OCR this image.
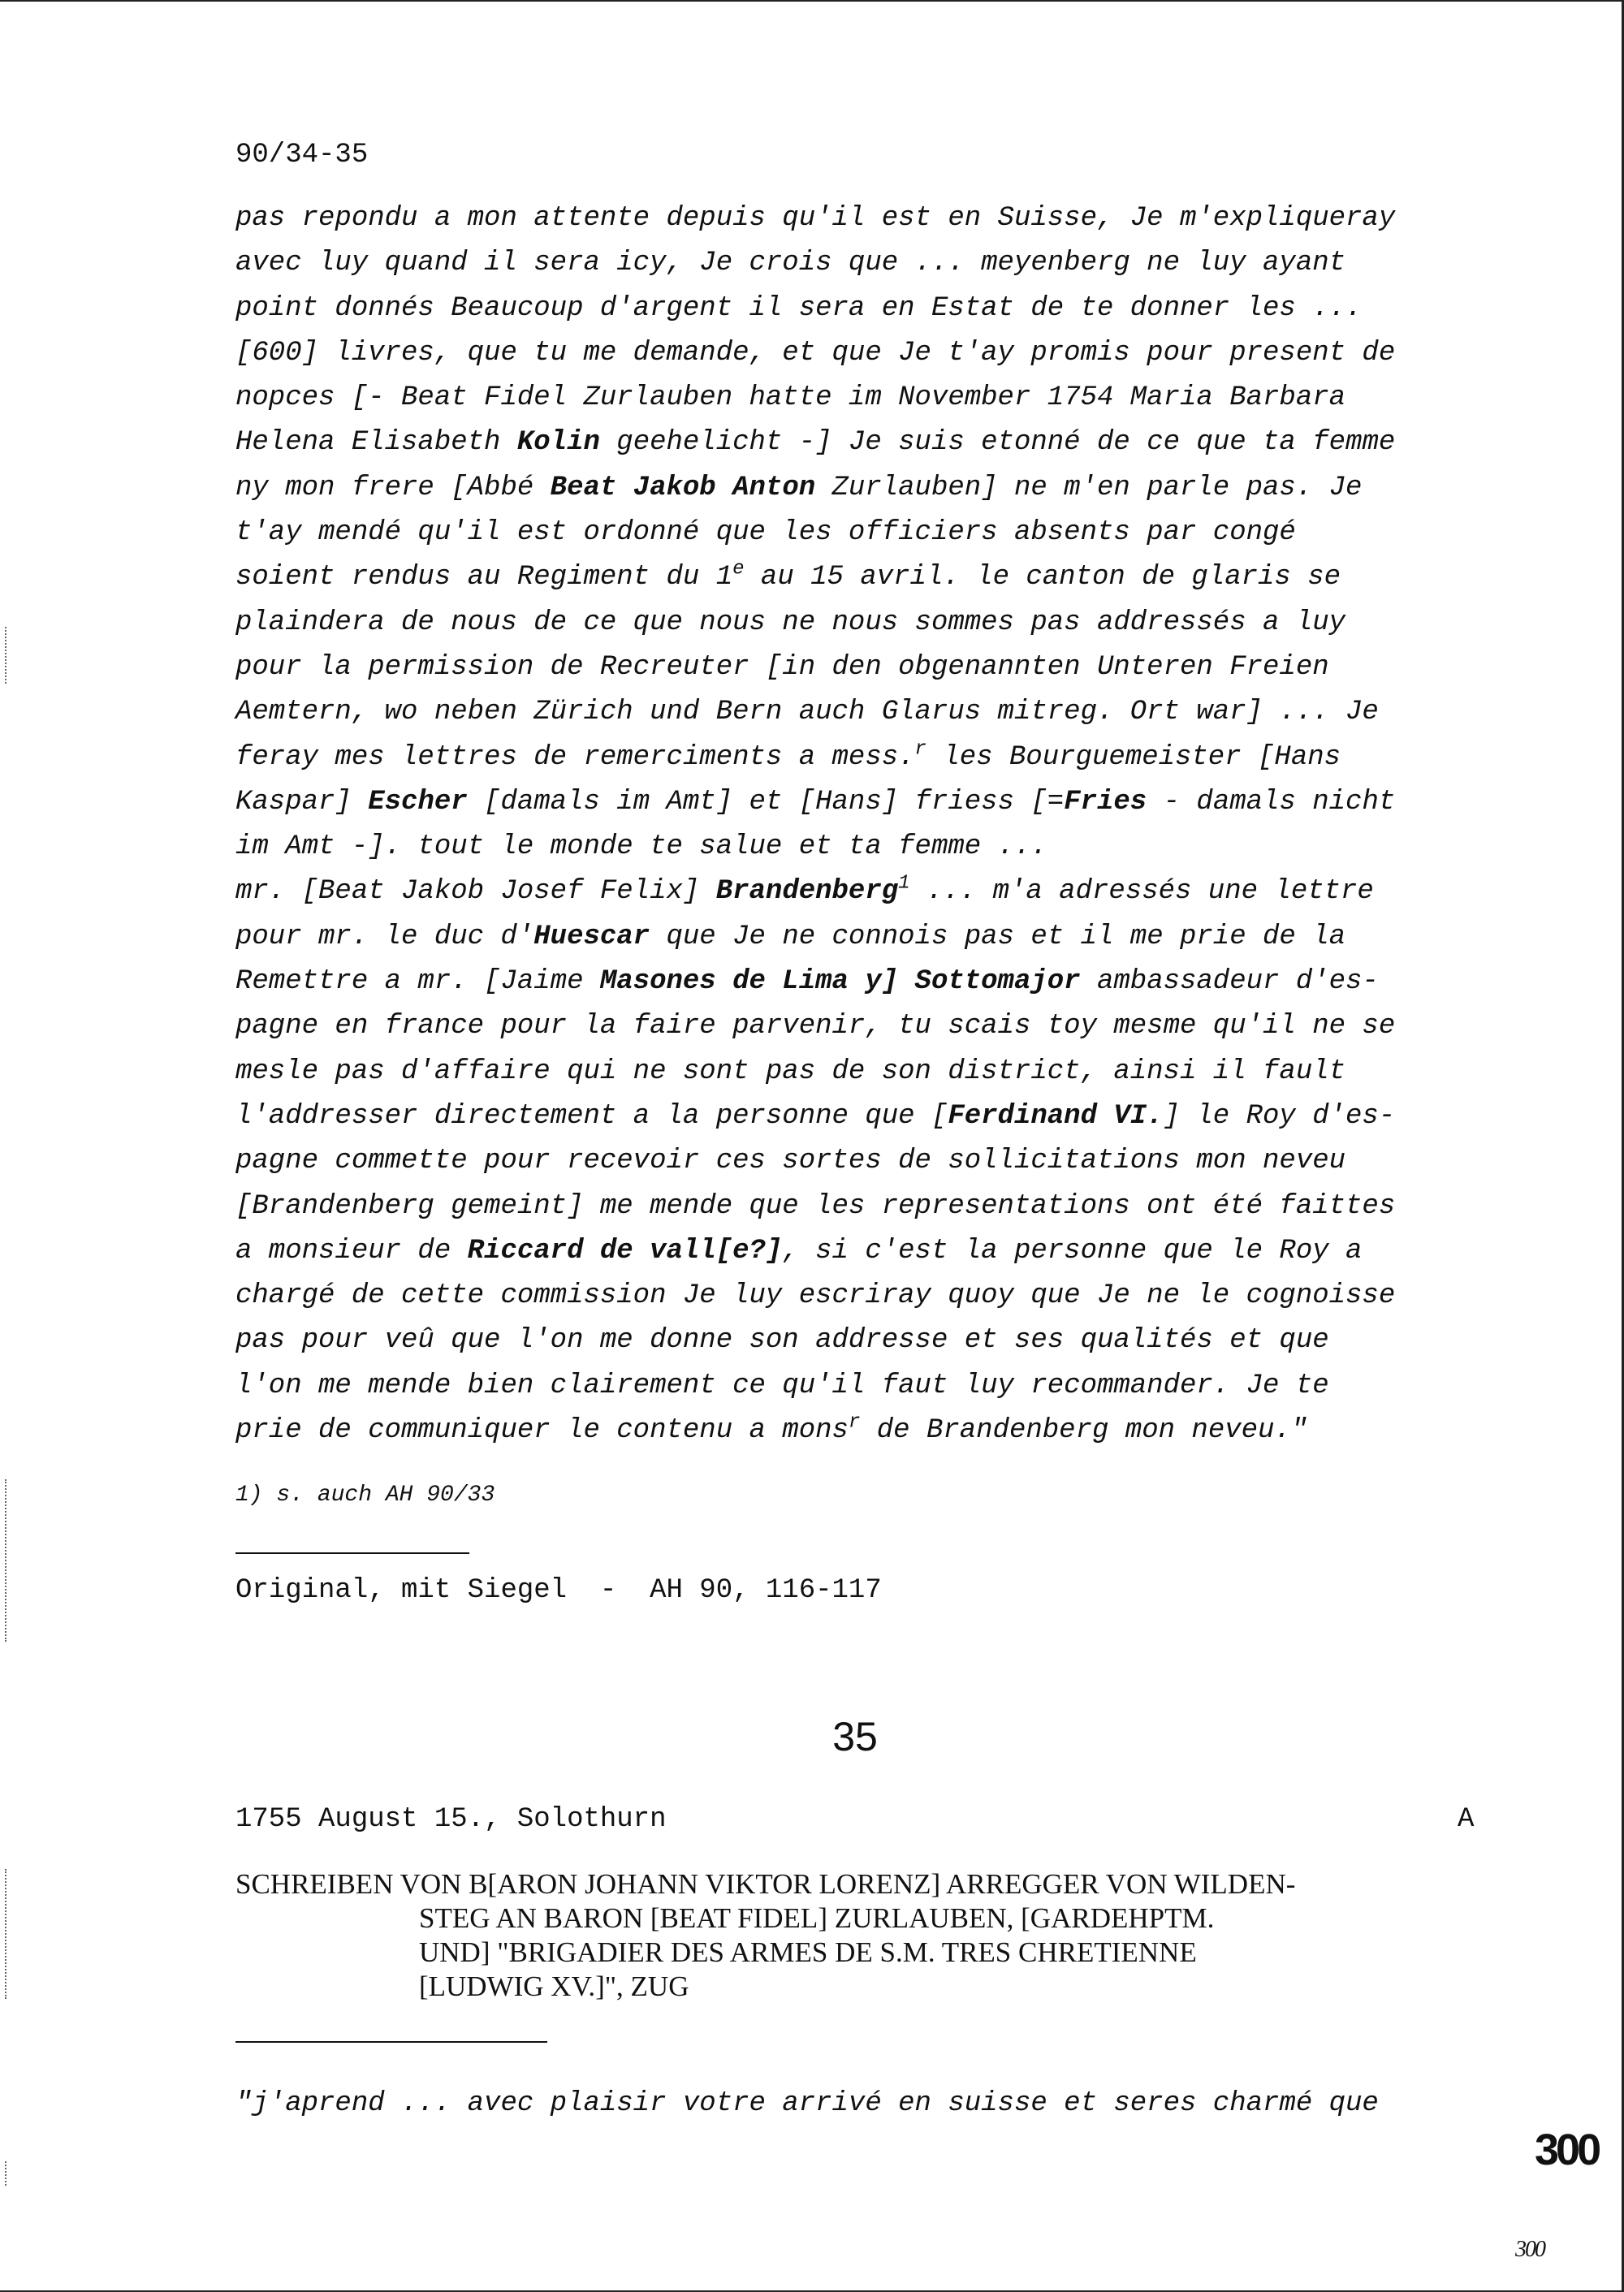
90/34-35
pas repondu a mon attente depuis qu'il est en Suisse, Je m'expliqueray
avec luy quand il sera icy, Je crois que ... meyenberg ne luy ayant
point donnés Beaucoup d'argent il sera en Estat de te donner les ...
[600] livres, que tu me demande, et que Je t'ay promis pour present de
nopces [- Beat Fidel Zurlauben hatte im November 1754 Maria Barbara
Helena Elisabeth Kolin geehelicht -] Je suis etonné de ce que ta femme
ny mon frere [Abbé Beat Jakob Anton Zurlauben] ne m'en parle pas. Je
t'ay mendé qu'il est ordonné que les officiers absents par congé
soient rendus au Regiment du 1e au 15 avril. le canton de glaris se
plaindera de nous de ce que nous ne nous sommes pas addressés a luy
pour la permission de Recreuter [in den obgenannten Unteren Freien
Aemtern, wo neben Zürich und Bern auch Glarus mitreg. Ort war] ... Je
feray mes lettres de remerciments a mess.$^r$ les Bourguemeister [Hans
Kaspar] Escher [damals im Amt] et [Hans] friess [=Fries - damals nicht
im Amt -]. tout le monde te salue et ta femme ...
mr. [Beat Jakob Josef Felix] Brandenberg$^1$ ... m'a adressés une lettre
pour mr. le duc d'Huescar que Je ne connois pas et il me prie de la
Remettre a mr. [Jaime Masones de Lima y] Sottomajor ambassadeur d'es-
pagne en france pour la faire parvenir, tu scais toy mesme qu'il ne se
mesle pas d'affaire qui ne sont pas de son district, ainsi il fault
l'addresser directement a la personne que [Ferdinand VI.] le Roy d'es-
pagne commette pour recevoir ces sortes de sollicitations mon neveu
[Brandenberg gemeint] me mende que les representations ont été faittes
a monsieur de Riccard de vall[e?], si c'est la personne que le Roy a
chargé de cette commission Je luy escriray quoy que Je ne le cognoisse
pas pour veû que l'on me donne son addresse et ses qualités et que
l'on me mende bien clairement ce qu'il faut luy recommander. Je te
prie de communiquer le contenu a mons$^r$ de Brandenberg mon neveu."
1) s. auch AH 90/33
Original, mit Siegel  -  AH 90, 116-117
35
1755 August 15., Solothurn	A
SCHREIBEN VON B[ARON JOHANN VIKTOR LORENZ] ARREGGER VON WILDEN-
STEG AN BARON [BEAT FIDEL] ZURLAUBEN, [GARDEHPTM.
UND] "BRIGADIER DES ARMES DE S.M. TRES CHRETIENNE
[LUDWIG XV.]", ZUG
"j'aprend ... avec plaisir votre arrivé en suisse et seres charmé que
300
300
